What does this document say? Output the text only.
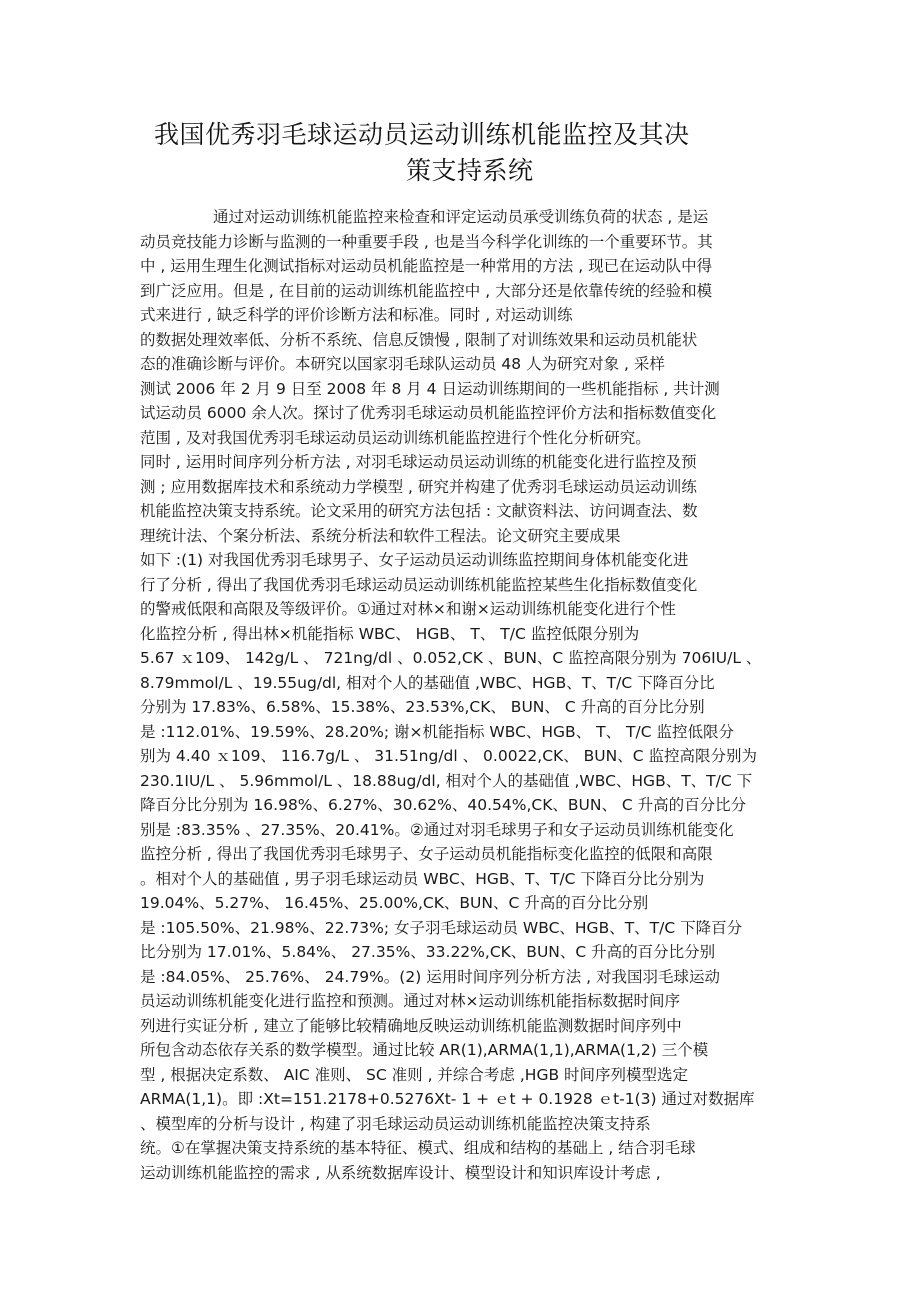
我国优秀羽毛球运动员运动训练机能监控及其决
策支持系统
通过对运动训练机能监控来检查和评定运动员承受训练负荷的状态 , 是运
动员竞技能力诊断与监测的一种重要手段 , 也是当今科学化训练的一个重要环节。其
中 , 运用生理生化测试指标对运动员机能监控是一种常用的方法 , 现已在运动队中得
到广泛应用。但是 , 在目前的运动训练机能监控中 , 大部分还是依靠传统的经验和模
式来进行 , 缺乏科学的评价诊断方法和标准。同时 , 对运动训练
的数据处理效率低、分析不系统、信息反馈慢 , 限制了对训练效果和运动员机能状
态的准确诊断与评价。本研究以国家羽毛球队运动员 48 人为研究对象 , 采样
测试 2006 年 2 月 9 日至 2008 年 8 月 4 日运动训练期间的一些机能指标 , 共计测
试运动员 6000 余人次。探讨了优秀羽毛球运动员机能监控评价方法和指标数值变化
范围 , 及对我国优秀羽毛球运动员运动训练机能监控进行个性化分析研究。
同时 , 运用时间序列分析方法 , 对羽毛球运动员运动训练的机能变化进行监控及预
测 ; 应用数据库技术和系统动力学模型 , 研究并构建了优秀羽毛球运动员运动训练
机能监控决策支持系统。论文采用的研究方法包括 : 文献资料法、访问调查法、数
理统计法、个案分析法、系统分析法和软件工程法。论文研究主要成果
如下 :(1) 对我国优秀羽毛球男子、女子运动员运动训练监控期间身体机能变化进
行了分析 , 得出了我国优秀羽毛球运动员运动训练机能监控某些生化指标数值变化
的警戒低限和高限及等级评价。①通过对林×和谢×运动训练机能变化进行个性
化监控分析 , 得出林×机能指标 WBC、 HGB、 T、 T/C 监控低限分别为
5.67 ｘ109、 142g/L 、 721ng/dl 、0.052,CK 、BUN、C 监控高限分别为 706IU/L 、
8.79mmol/L 、19.55ug/dl, 相对个人的基础值 ,WBC、HGB、T、T/C 下降百分比
分别为 17.83%、6.58%、15.38%、23.53%,CK、 BUN、 C 升高的百分比分别
是 :112.01%、19.59%、28.20%; 谢×机能指标 WBC、HGB、 T、 T/C 监控低限分
别为 4.40 ｘ109、 116.7g/L 、 31.51ng/dl 、 0.0022,CK、 BUN、C 监控高限分别为
230.1IU/L 、 5.96mmol/L 、18.88ug/dl, 相对个人的基础值 ,WBC、HGB、T、T/C 下
降百分比分别为 16.98%、6.27%、30.62%、40.54%,CK、BUN、 C 升高的百分比分
别是 :83.35% 、27.35%、20.41%。②通过对羽毛球男子和女子运动员训练机能变化
监控分析 , 得出了我国优秀羽毛球男子、女子运动员机能指标变化监控的低限和高限
。相对个人的基础值 , 男子羽毛球运动员 WBC、HGB、T、T/C 下降百分比分别为
19.04%、5.27%、 16.45%、25.00%,CK、BUN、C 升高的百分比分别
是 :105.50%、21.98%、22.73%; 女子羽毛球运动员 WBC、HGB、T、T/C 下降百分
比分别为 17.01%、5.84%、 27.35%、33.22%,CK、BUN、C 升高的百分比分别
是 :84.05%、 25.76%、 24.79%。(2) 运用时间序列分析方法 , 对我国羽毛球运动
员运动训练机能变化进行监控和预测。通过对林×运动训练机能指标数据时间序
列进行实证分析 , 建立了能够比较精确地反映运动训练机能监测数据时间序列中
所包含动态依存关系的数学模型。通过比较 AR(1),ARMA(1,1),ARMA(1,2) 三个模
型 , 根据决定系数、 AIC 准则、 SC 准则 , 并综合考虑 ,HGB 时间序列模型选定
ARMA(1,1)。即 :Xt=151.2178+0.5276Xt- 1 + ｅt + 0.1928 ｅt-1(3) 通过对数据库
、模型库的分析与设计 , 构建了羽毛球运动员运动训练机能监控决策支持系
统。①在掌握决策支持系统的基本特征、模式、组成和结构的基础上 , 结合羽毛球
运动训练机能监控的需求 , 从系统数据库设计、模型设计和知识库设计考虑 ,
